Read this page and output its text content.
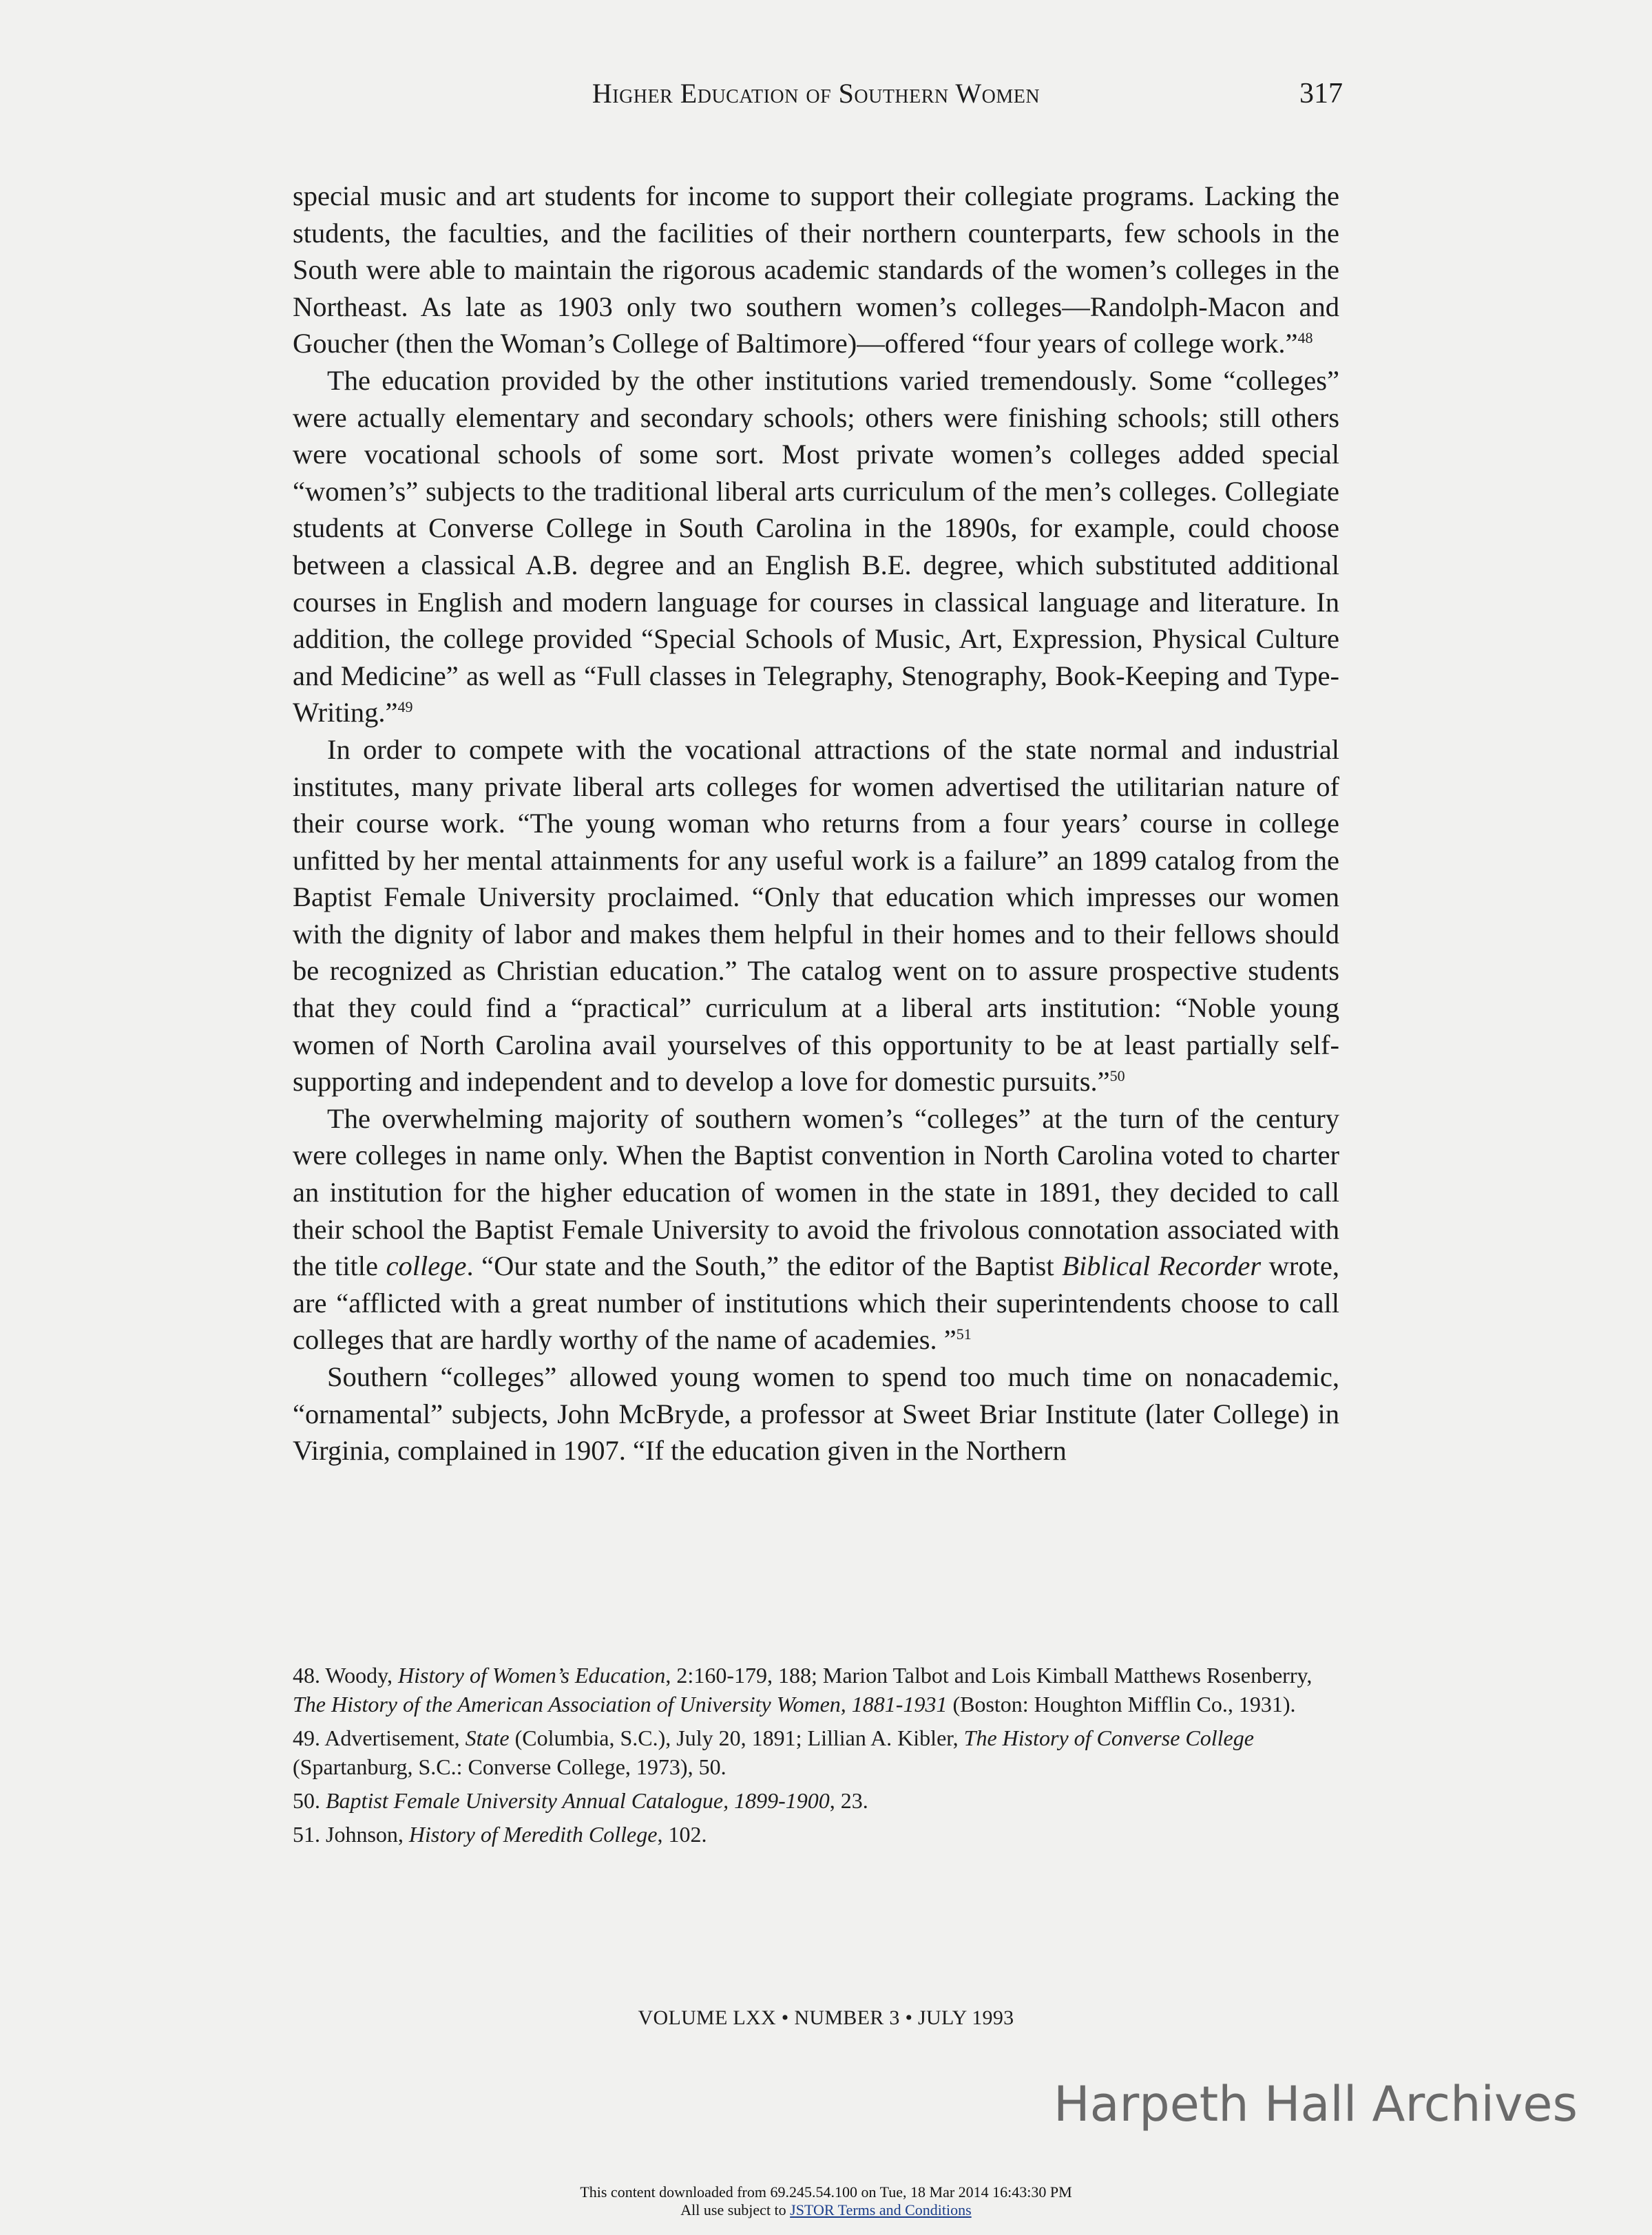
Higher Education of Southern Women	317

special music and art students for income to support their collegiate programs. Lacking the students, the faculties, and the facilities of their northern counterparts, few schools in the South were able to maintain the rigorous academic standards of the women’s colleges in the Northeast. As late as 1903 only two southern women’s colleges—Randolph-Macon and Goucher (then the Woman’s College of Baltimore)—offered “four years of college work.”$^{48}$

The education provided by the other institutions varied tremendously. Some “colleges” were actually elementary and secondary schools; others were finishing schools; still others were vocational schools of some sort. Most private women’s colleges added special “women’s” subjects to the traditional liberal arts curriculum of the men’s colleges. Collegiate students at Converse College in South Carolina in the 1890s, for example, could choose between a classical A.B. degree and an English B.E. degree, which substituted additional courses in English and modern language for courses in classical language and literature. In addition, the college provided “Special Schools of Music, Art, Expression, Physical Culture and Medicine” as well as “Full classes in Telegraphy, Stenography, Book-Keeping and Type-Writing.”$^{49}$

In order to compete with the vocational attractions of the state normal and industrial institutes, many private liberal arts colleges for women advertised the utilitarian nature of their course work. “The young woman who returns from a four years’ course in college unfitted by her mental attainments for any useful work is a failure” an 1899 catalog from the Baptist Female University proclaimed. “Only that education which impresses our women with the dignity of labor and makes them helpful in their homes and to their fellows should be recognized as Christian education.” The catalog went on to assure prospective students that they could find a “practical” curriculum at a liberal arts institution: “Noble young women of North Carolina avail yourselves of this opportunity to be at least partially self-supporting and independent and to develop a love for domestic pursuits.”$^{50}$

The overwhelming majority of southern women’s “colleges” at the turn of the century were colleges in name only. When the Baptist convention in North Carolina voted to charter an institution for the higher education of women in the state in 1891, they decided to call their school the Baptist Female University to avoid the frivolous connotation associated with the title college. “Our state and the South,” the editor of the Baptist Biblical Recorder wrote, are “afflicted with a great number of institutions which their superintendents choose to call colleges that are hardly worthy of the name of academies. ”$^{51}$

Southern “colleges” allowed young women to spend too much time on nonacademic, “ornamental” subjects, John McBryde, a professor at Sweet Briar Institute (later College) in Virginia, complained in 1907. “If the education given in the Northern

48. Woody, History of Women’s Education, 2:160-179, 188; Marion Talbot and Lois Kimball Matthews Rosenberry, The History of the American Association of University Women, 1881-1931 (Boston: Houghton Mifflin Co., 1931).

49. Advertisement, State (Columbia, S.C.), July 20, 1891; Lillian A. Kibler, The History of Converse College (Spartanburg, S.C.: Converse College, 1973), 50.

50. Baptist Female University Annual Catalogue, 1899-1900, 23.

51. Johnson, History of Meredith College, 102.

VOLUME LXX • NUMBER 3 • JULY 1993
Harpeth Hall Archives
This content downloaded from 69.245.54.100 on Tue, 18 Mar 2014 16:43:30 PM
All use subject to JSTOR Terms and Conditions
